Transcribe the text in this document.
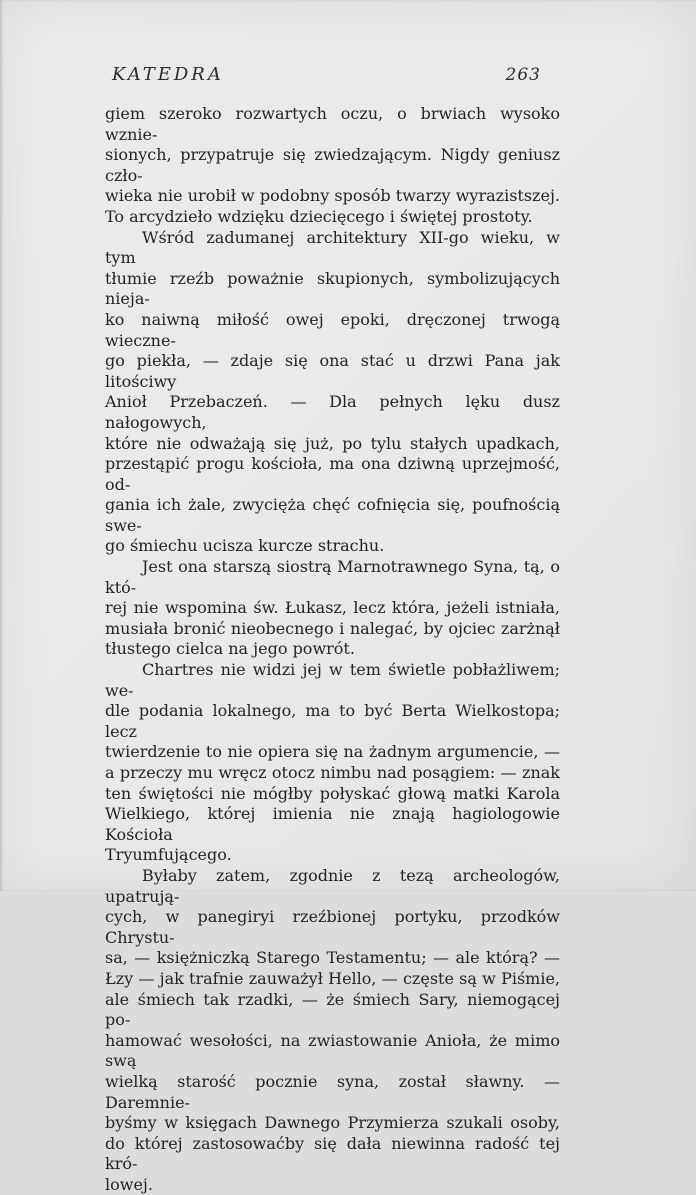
KATEDRA	263
giem szeroko rozwartych oczu, o brwiach wysoko wznie-
sionych, przypatruje się zwiedzającym. Nigdy geniusz czło-
wieka nie urobił w podobny sposób twarzy wyrazistszej.
To arcydzieło wdzięku dziecięcego i świętej prostoty.
Wśród zadumanej architektury XII-go wieku, w tym
tłumie rzeźb poważnie skupionych, symbolizujących nieja-
ko naiwną miłość owej epoki, dręczonej trwogą wieczne-
go piekła, — zdaje się ona stać u drzwi Pana jak litościwy
Anioł Przebaczeń. — Dla pełnych lęku dusz nałogowych,
które nie odważają się już, po tylu stałych upadkach,
przestąpić progu kościoła, ma ona dziwną uprzejmość, od-
gania ich żale, zwycięża chęć cofnięcia się, poufnością swe-
go śmiechu ucisza kurcze strachu.
Jest ona starszą siostrą Marnotrawnego Syna, tą, o któ-
rej nie wspomina św. Łukasz, lecz która, jeżeli istniała,
musiała bronić nieobecnego i nalegać, by ojciec zarżnął
tłustego cielca na jego powrót.
Chartres nie widzi jej w tem świetle pobłażliwem; we-
dle podania lokalnego, ma to być Berta Wielkostopa; lecz
twierdzenie to nie opiera się na żadnym argumencie, —
a przeczy mu wręcz otocz nimbu nad posągiem: — znak
ten świętości nie mógłby połyskać głową matki Karola
Wielkiego, której imienia nie znają hagiologowie Kościoła
Tryumfującego.
Byłaby zatem, zgodnie z tezą archeologów, upatrują-
cych, w panegiryi rzeźbionej portyku, przodków Chrystu-
sa, — księżniczką Starego Testamentu; — ale którą? —
Łzy — jak trafnie zauważył Hello, — częste są w Piśmie,
ale śmiech tak rzadki, — że śmiech Sary, niemogącej po-
hamować wesołości, na zwiastowanie Anioła, że mimo swą
wielką starość pocznie syna, został sławny. — Daremnie-
byśmy w księgach Dawnego Przymierza szukali osoby,
do której zastosowaćby się dała niewinna radość tej kró-
lowej.
